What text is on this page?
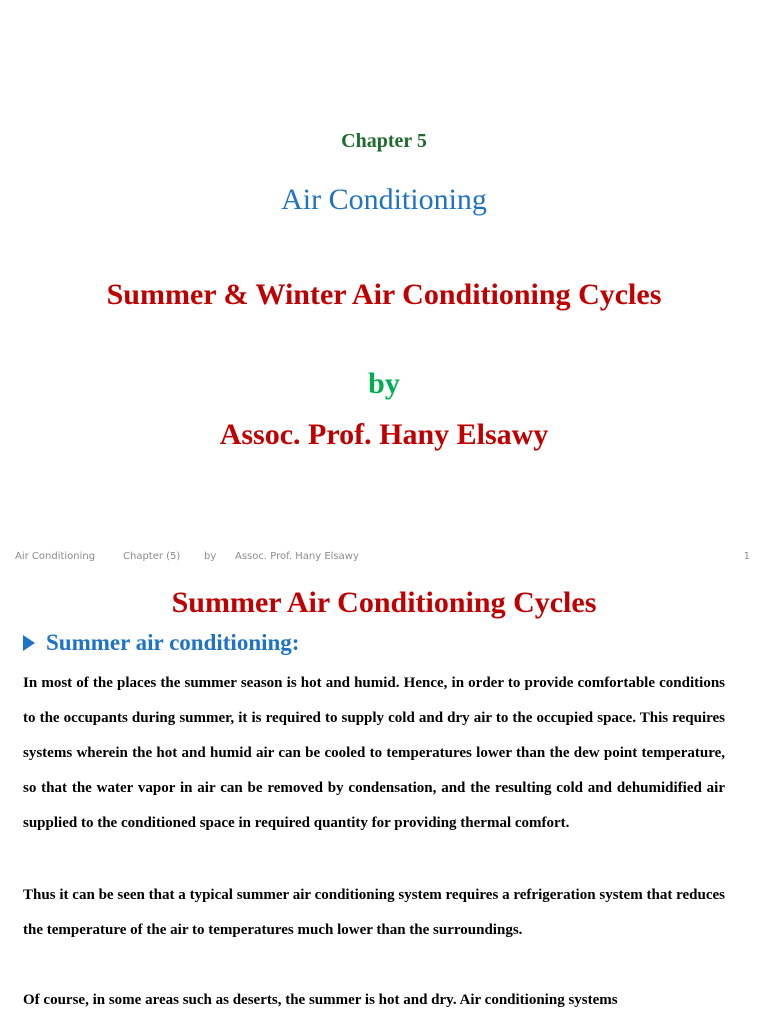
Chapter 5
Air Conditioning
Summer & Winter Air Conditioning Cycles
by
Assoc. Prof. Hany Elsawy
Air Conditioning	Chapter (5) by Assoc. Prof. Hany Elsawy	1
Summer Air Conditioning Cycles
Summer air conditioning:

In most of the places the summer season is hot and humid. Hence, in order to provide comfortable conditions to the occupants during summer, it is required to supply cold and dry air to the occupied space. This requires systems wherein the hot and humid air can be cooled to temperatures lower than the dew point temperature, so that the water vapor in air can be removed by condensation, and the resulting cold and dehumidified air supplied to the conditioned space in required quantity for providing thermal comfort.

Thus it can be seen that a typical summer air conditioning system requires a refrigeration system that reduces the temperature of the air to temperatures much lower than the surroundings.

Of course, in some areas such as deserts, the summer is hot and dry. Air conditioning systems
